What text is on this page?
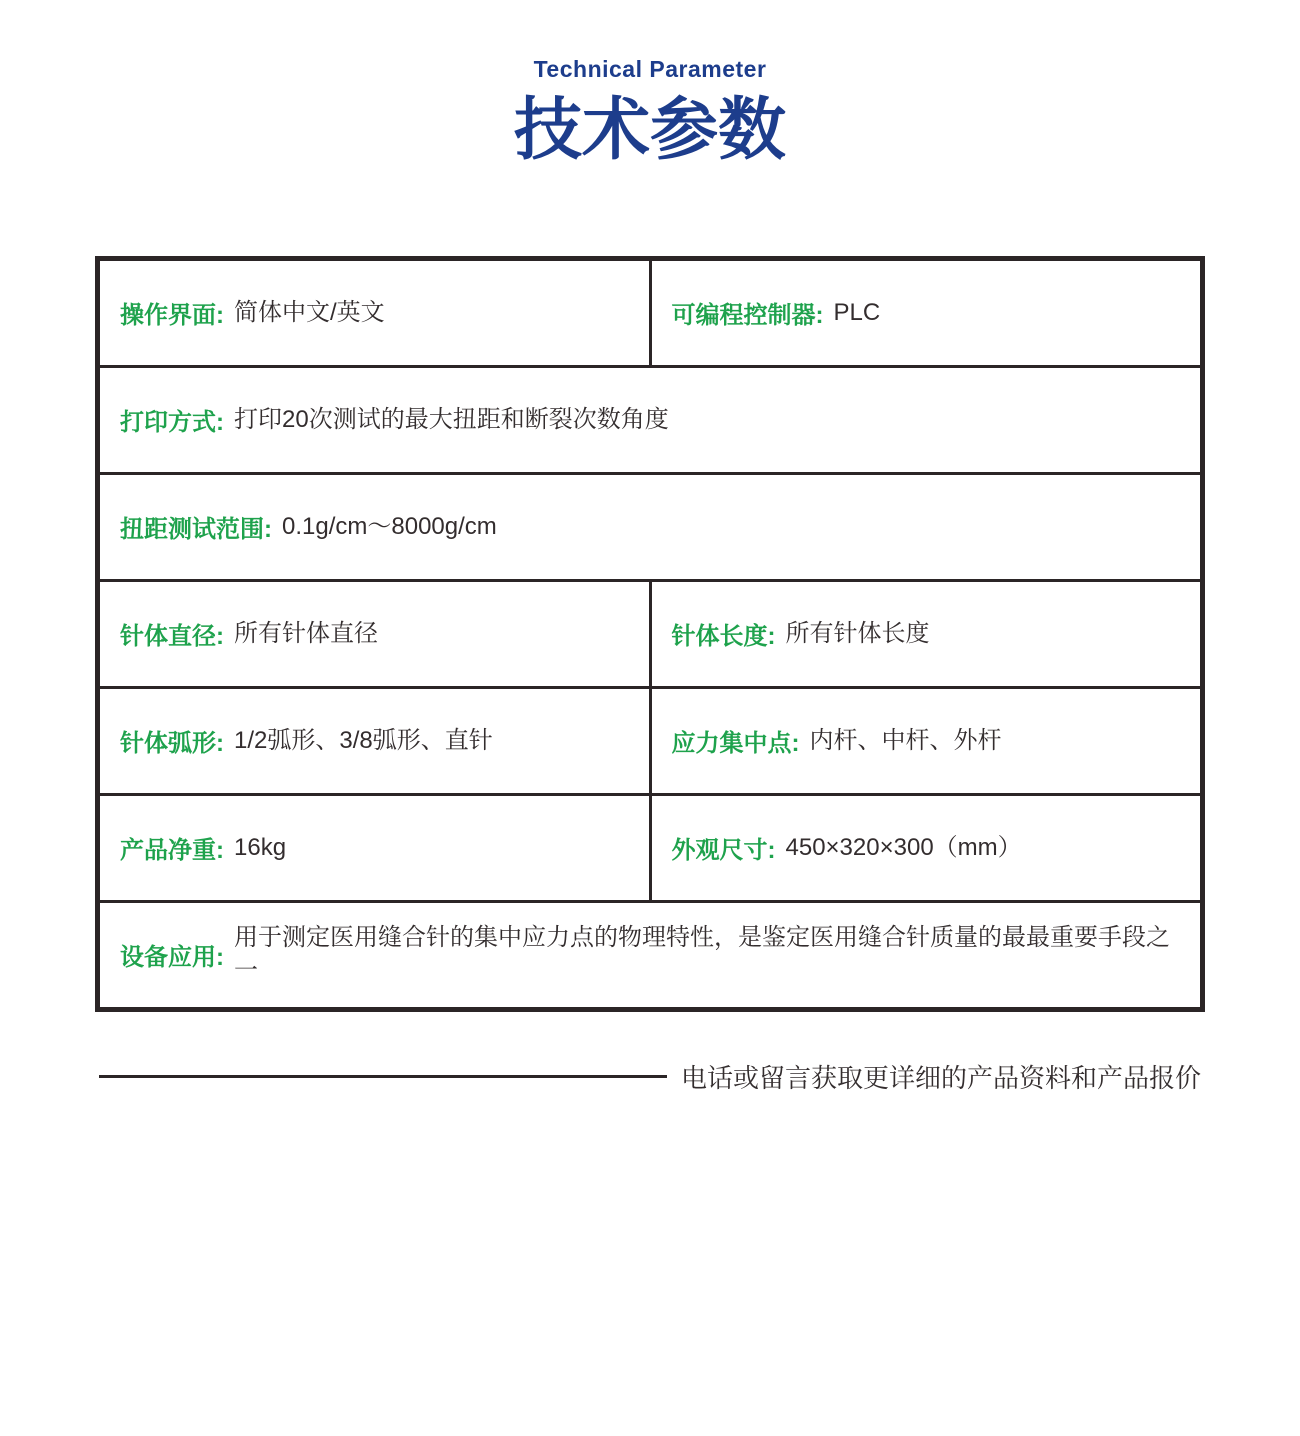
Technical Parameter
技术参数
操作界面: 简体中文/英文	可编程控制器: PLC
打印方式: 打印20次测试的最大扭距和断裂次数角度
扭距测试范围: 0.1g/cm～8000g/cm
针体直径: 所有针体直径	针体长度: 所有针体长度
针体弧形: 1/2弧形、3/8弧形、直针	应力集中点: 内杆、中杆、外杆
产品净重: 16kg	外观尺寸: 450×320×300（mm）
设备应用:
用于测定医用缝合针的集中应力点的物理特性，是鉴定医用缝合针质量的最最重要手段之一
电话或留言获取更详细的产品资料和产品报价
